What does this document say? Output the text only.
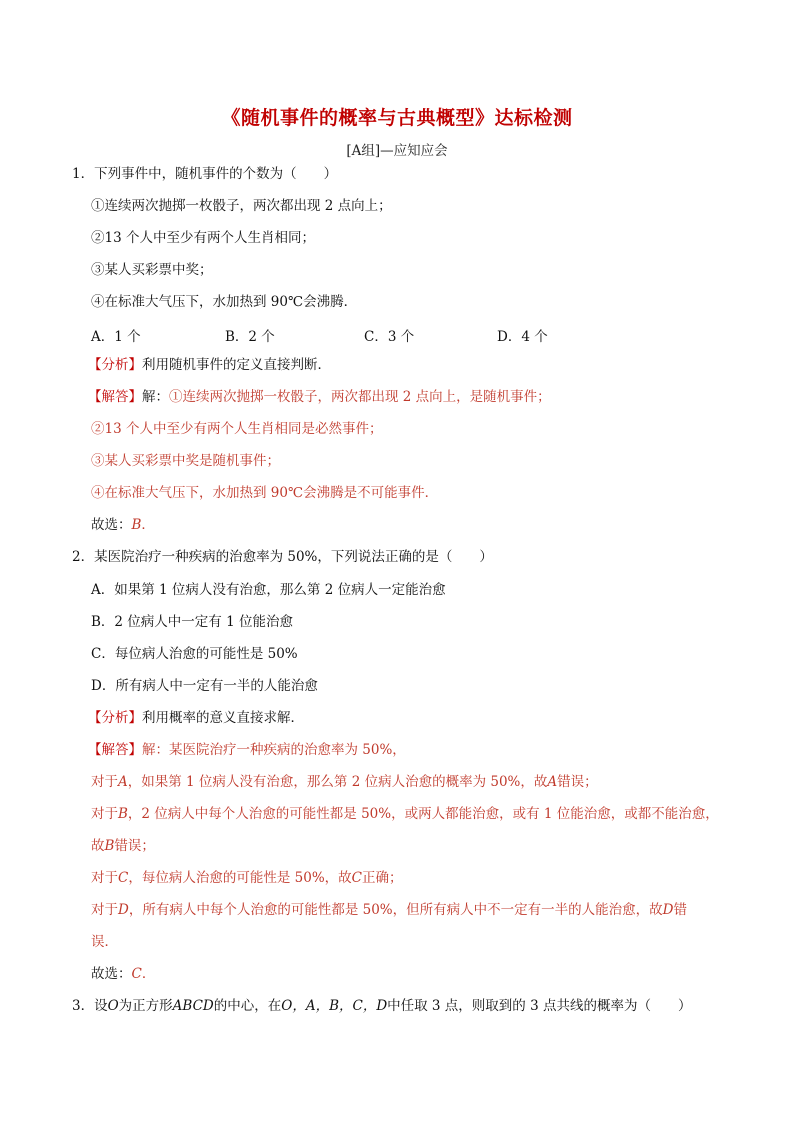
《随机事件的概率与古典概型》达标检测
[A组]—应知应会
1．下列事件中，随机事件的个数为（　　）
①连续两次抛掷一枚骰子，两次都出现 2 点向上；
②13 个人中至少有两个人生肖相同；
③某人买彩票中奖；
④在标准大气压下，水加热到 90℃会沸腾．
A．1 个	B．2 个	C．3 个	D．4 个
【分析】利用随机事件的定义直接判断．
【解答】解：①连续两次抛掷一枚骰子，两次都出现 2 点向上，是随机事件；
②13 个人中至少有两个人生肖相同是必然事件；
③某人买彩票中奖是随机事件；
④在标准大气压下，水加热到 90℃会沸腾是不可能事件．
故选：B．
2．某医院治疗一种疾病的治愈率为 50%，下列说法正确的是（　　）
A．如果第 1 位病人没有治愈，那么第 2 位病人一定能治愈
B．2 位病人中一定有 1 位能治愈
C．每位病人治愈的可能性是 50%
D．所有病人中一定有一半的人能治愈
【分析】利用概率的意义直接求解．
【解答】解：某医院治疗一种疾病的治愈率为 50%，
对于A，如果第 1 位病人没有治愈，那么第 2 位病人治愈的概率为 50%，故A错误；
对于B，2 位病人中每个人治愈的可能性都是 50%，或两人都能治愈，或有 1 位能治愈，或都不能治愈，
故B错误；
对于C，每位病人治愈的可能性是 50%，故C正确；
对于D，所有病人中每个人治愈的可能性都是 50%，但所有病人中不一定有一半的人能治愈，故D错
误．
故选：C．
3．设O为正方形ABCD的中心，在O，A，B，C，D中任取 3 点，则取到的 3 点共线的概率为（　　）
